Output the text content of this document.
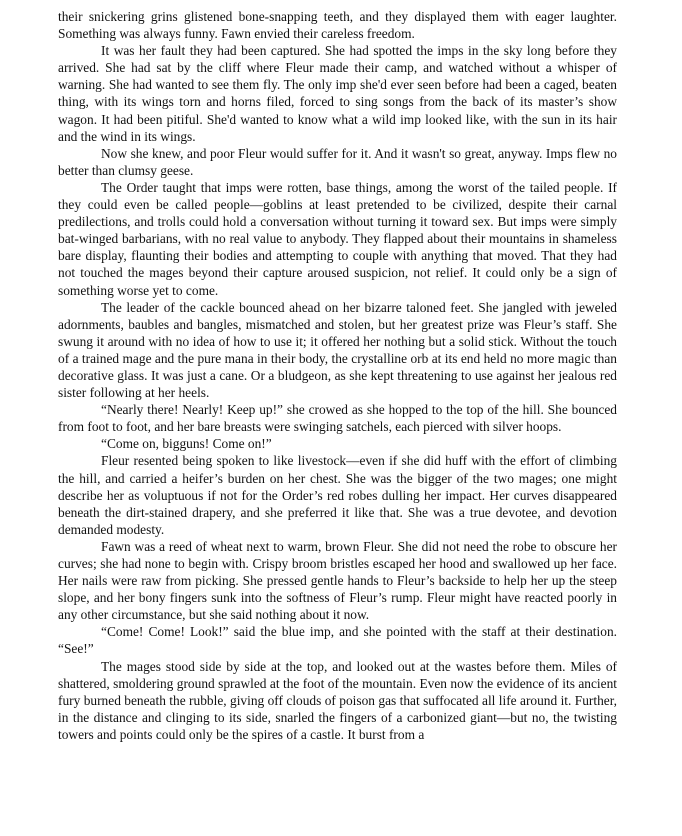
their snickering grins glistened bone-snapping teeth, and they displayed them with eager laughter. Something was always funny. Fawn envied their careless freedom.

It was her fault they had been captured. She had spotted the imps in the sky long before they arrived. She had sat by the cliff where Fleur made their camp, and watched without a whisper of warning. She had wanted to see them fly. The only imp she'd ever seen before had been a caged, beaten thing, with its wings torn and horns filed, forced to sing songs from the back of its master’s show wagon. It had been pitiful. She'd wanted to know what a wild imp looked like, with the sun in its hair and the wind in its wings.

Now she knew, and poor Fleur would suffer for it. And it wasn't so great, anyway. Imps flew no better than clumsy geese.

The Order taught that imps were rotten, base things, among the worst of the tailed people. If they could even be called people—goblins at least pretended to be civilized, despite their carnal predilections, and trolls could hold a conversation without turning it toward sex. But imps were simply bat-winged barbarians, with no real value to anybody. They flapped about their mountains in shameless bare display, flaunting their bodies and attempting to couple with anything that moved. That they had not touched the mages beyond their capture aroused suspicion, not relief. It could only be a sign of something worse yet to come.

The leader of the cackle bounced ahead on her bizarre taloned feet. She jangled with jeweled adornments, baubles and bangles, mismatched and stolen, but her greatest prize was Fleur’s staff. She swung it around with no idea of how to use it; it offered her nothing but a solid stick. Without the touch of a trained mage and the pure mana in their body, the crystalline orb at its end held no more magic than decorative glass. It was just a cane. Or a bludgeon, as she kept threatening to use against her jealous red sister following at her heels.

“Nearly there! Nearly! Keep up!” she crowed as she hopped to the top of the hill. She bounced from foot to foot, and her bare breasts were swinging satchels, each pierced with silver hoops.

“Come on, bigguns! Come on!”

Fleur resented being spoken to like livestock—even if she did huff with the effort of climbing the hill, and carried a heifer’s burden on her chest. She was the bigger of the two mages; one might describe her as voluptuous if not for the Order’s red robes dulling her impact. Her curves disappeared beneath the dirt-stained drapery, and she preferred it like that. She was a true devotee, and devotion demanded modesty.

Fawn was a reed of wheat next to warm, brown Fleur. She did not need the robe to obscure her curves; she had none to begin with. Crispy broom bristles escaped her hood and swallowed up her face. Her nails were raw from picking. She pressed gentle hands to Fleur’s backside to help her up the steep slope, and her bony fingers sunk into the softness of Fleur’s rump. Fleur might have reacted poorly in any other circumstance, but she said nothing about it now.

“Come! Come! Look!” said the blue imp, and she pointed with the staff at their destination. “See!”

The mages stood side by side at the top, and looked out at the wastes before them. Miles of shattered, smoldering ground sprawled at the foot of the mountain. Even now the evidence of its ancient fury burned beneath the rubble, giving off clouds of poison gas that suffocated all life around it. Further, in the distance and clinging to its side, snarled the fingers of a carbonized giant—but no, the twisting towers and points could only be the spires of a castle. It burst from a
